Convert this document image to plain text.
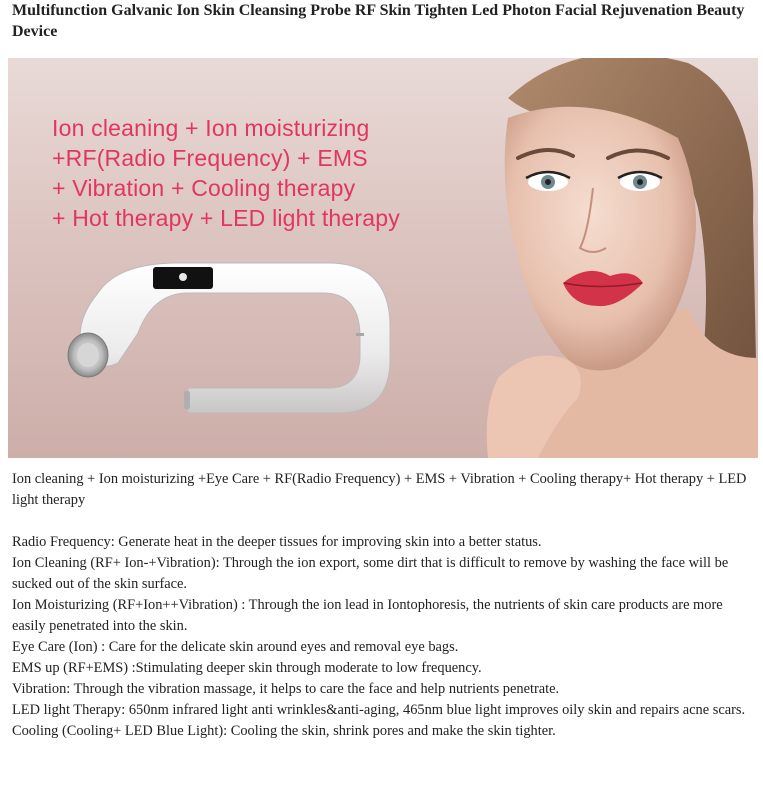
Multifunction Galvanic Ion Skin Cleansing Probe RF Skin Tighten Led Photon Facial Rejuvenation Beauty Device
Ion cleaning + Ion moisturizing
+RF(Radio Frequency) + EMS
+ Vibration + Cooling therapy
+ Hot therapy + LED light therapy

Ion cleaning + Ion moisturizing +Eye Care + RF(Radio Frequency) + EMS + Vibration + Cooling therapy+ Hot therapy + LED light therapy

Radio Frequency: Generate heat in the deeper tissues for improving skin into a better status.

Ion Cleaning (RF+ Ion-+Vibration): Through the ion export, some dirt that is difficult to remove by washing the face will be

sucked out of the skin surface.

Ion Moisturizing (RF+Ion++Vibration) : Through the ion lead in Iontophoresis, the nutrients of skin care products are more easily penetrated into the skin.

Eye Care (Ion) : Care for the delicate skin around eyes and removal eye bags.

EMS up (RF+EMS) :Stimulating deeper skin through moderate to low frequency.

Vibration: Through the vibration massage, it helps to care the face and help nutrients penetrate.

LED light Therapy: 650nm infrared light anti wrinkles&anti-aging, 465nm blue light improves oily skin and repairs acne scars.

Cooling (Cooling+ LED Blue Light): Cooling the skin, shrink pores and make the skin tighter.
